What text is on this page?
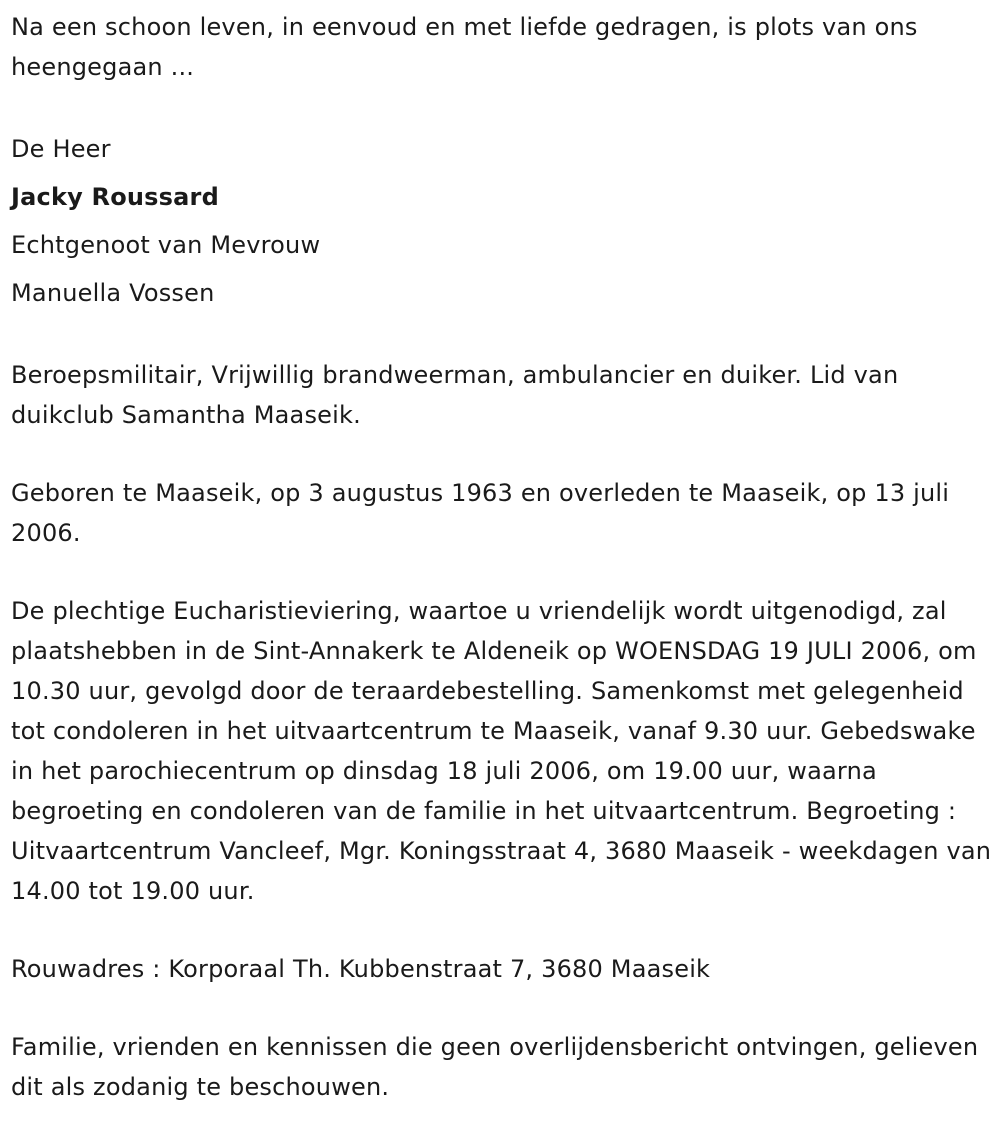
Na een schoon leven, in eenvoud en met liefde gedragen, is plots van ons heengegaan ...

De Heer

Jacky Roussard

Echtgenoot van Mevrouw

Manuella Vossen

Beroepsmilitair, Vrijwillig brandweerman, ambulancier en duiker. Lid van duikclub Samantha Maaseik.

Geboren te Maaseik, op 3 augustus 1963 en overleden te Maaseik, op 13 juli 2006.

De plechtige Eucharistieviering, waartoe u vriendelijk wordt uitgenodigd, zal plaatshebben in de Sint-Annakerk te Aldeneik op WOENSDAG 19 JULI 2006, om 10.30 uur, gevolgd door de teraardebestelling. Samenkomst met gelegenheid tot condoleren in het uitvaartcentrum te Maaseik, vanaf 9.30 uur. Gebedswake in het parochiecentrum op dinsdag 18 juli 2006, om 19.00 uur, waarna begroeting en condoleren van de familie in het uitvaartcentrum. Begroeting : Uitvaartcentrum Vancleef, Mgr. Koningsstraat 4, 3680 Maaseik - weekdagen van 14.00 tot 19.00 uur.

Rouwadres : Korporaal Th. Kubbenstraat 7, 3680 Maaseik

Familie, vrienden en kennissen die geen overlijdensbericht ontvingen, gelieven dit als zodanig te beschouwen.
